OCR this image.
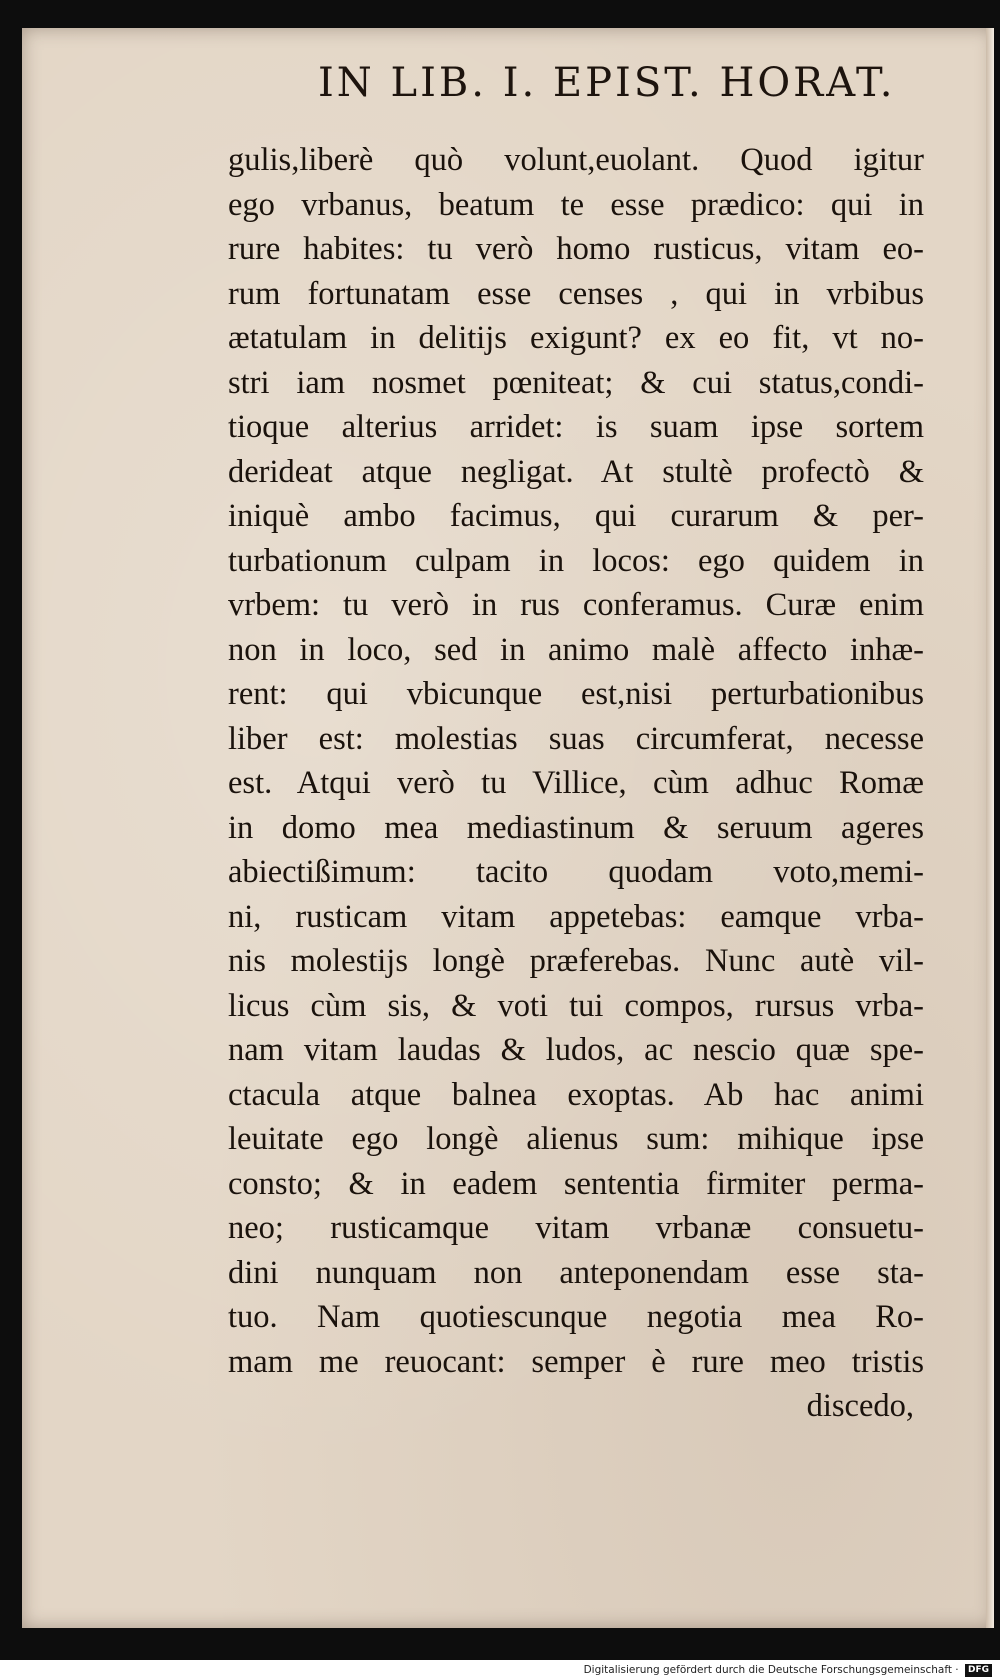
IN LIB. I. EPIST. HORAT.
gulis,liberè quò volunt,euolant. Quod igitur
ego vrbanus, beatum te esse prædico: qui in
rure habites: tu verò homo rusticus, vitam eo-
rum fortunatam esse censes , qui in vrbibus
ætatulam in delitijs exigunt? ex eo fit, vt no-
stri iam nosmet pœniteat; & cui status,condi-
tioque alterius arridet: is suam ipse sortem
derideat atque negligat. At stultè profectò &
iniquè ambo facimus, qui curarum & per-
turbationum culpam in locos: ego quidem in
vrbem: tu verò in rus conferamus. Curæ enim
non in loco, sed in animo malè affecto inhæ-
rent: qui vbicunque est,nisi perturbationibus
liber est: molestias suas circumferat, necesse
est. Atqui verò tu Villice, cùm adhuc Romæ
in domo mea mediastinum & seruum ageres
abiectißimum: tacito quodam voto,memi-
ni, rusticam vitam appetebas: eamque vrba-
nis molestijs longè præferebas. Nunc autè vil-
licus cùm sis, & voti tui compos, rursus vrba-
nam vitam laudas & ludos, ac nescio quæ spe-
ctacula atque balnea exoptas. Ab hac animi
leuitate ego longè alienus sum: mihique ipse
consto; & in eadem sententia firmiter perma-
neo; rusticamque vitam vrbanæ consuetu-
dini nunquam non anteponendam esse sta-
tuo. Nam quotiescunque negotia mea Ro-
mam me reuocant: semper è rure meo tristis
discedo,
Digitalisierung gefördert durch die Deutsche Forschungsgemeinschaft · DFG
